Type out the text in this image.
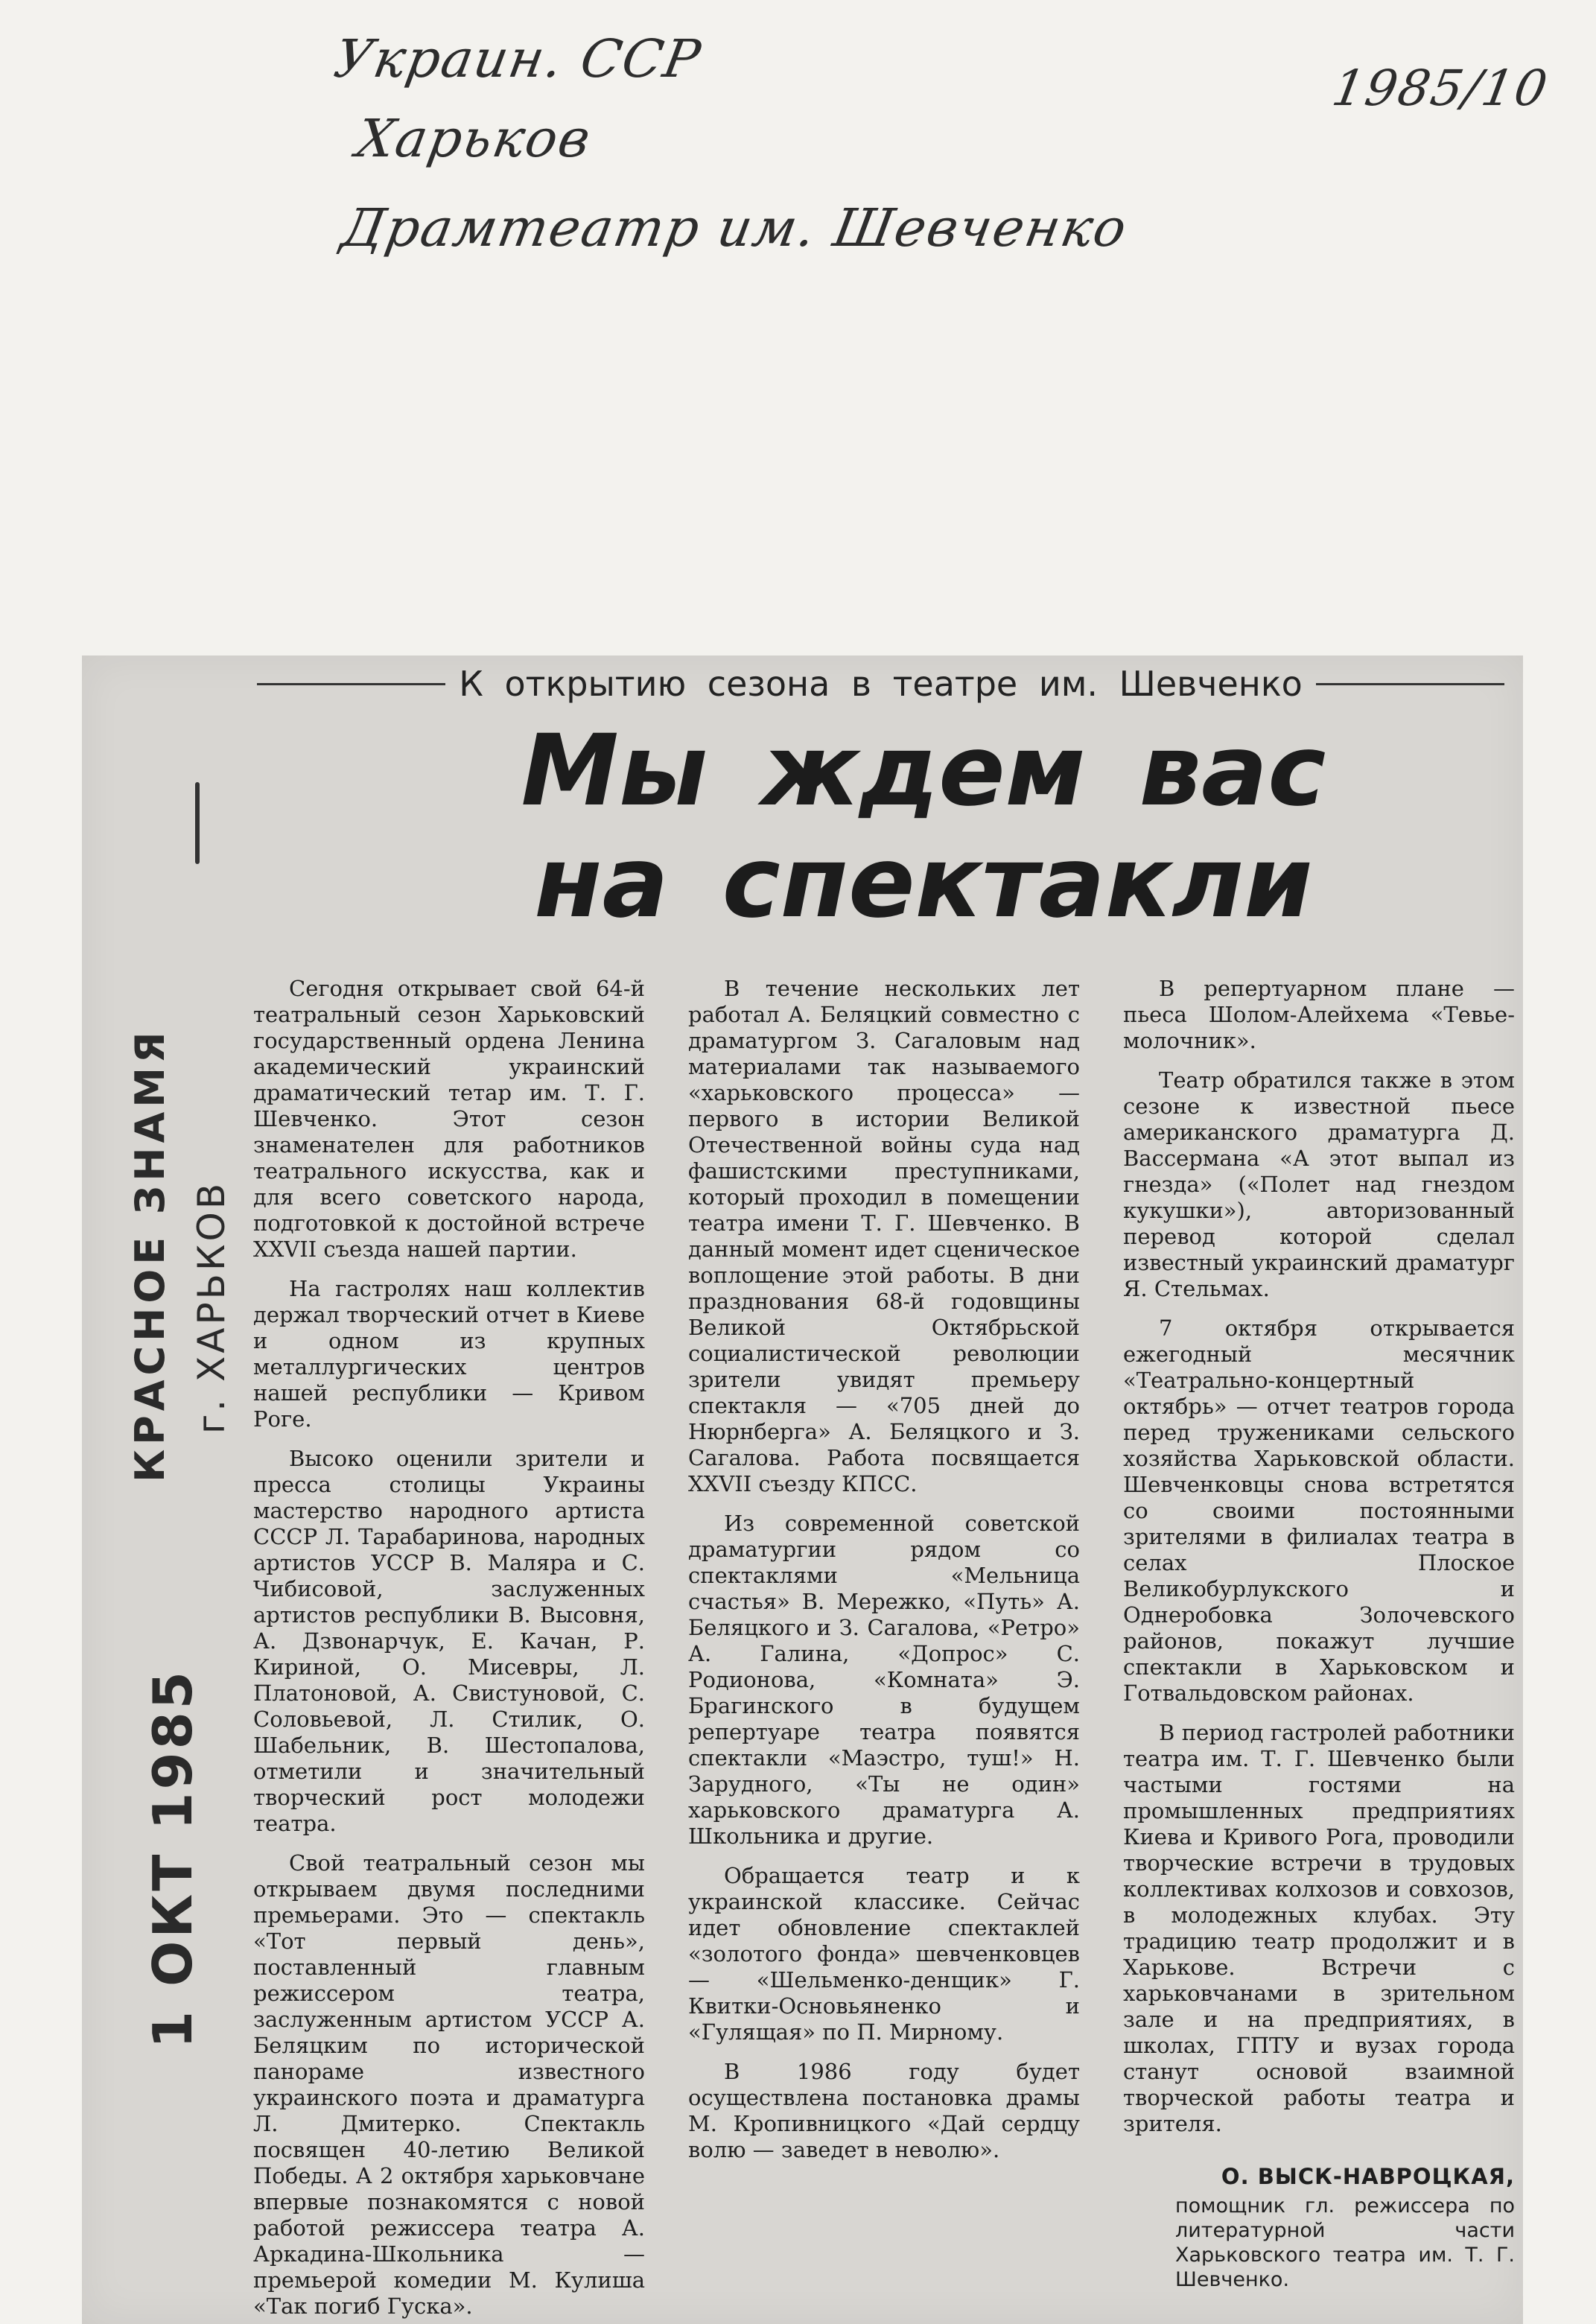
Украин. ССР
Харьков
Драмтеатр им. Шевченко
1985/10
КРАСНОЕ ЗНАМЯ г. ХАРЬКОВ
1 ОКТ 1985
К открытию сезона в театре им. Шевченко
Мы ждем вас
на спектакли

Сегодня открывает свой 64-й театральный сезон Харьковский государственный ордена Ленина академический украинский драматический тетар им. Т. Г. Шевченко. Этот сезон знаменателен для работников театрального искусства, как и для всего советского народа, подготовкой к достойной встрече XXVII съезда нашей партии.

На гастролях наш коллектив держал творческий отчет в Киеве и одном из крупных металлургических центров нашей республики — Кривом Роге.

Высоко оценили зрители и пресса столицы Украины мастерство народного артиста СССР Л. Тарабаринова, народных артистов УССР В. Маляра и С. Чибисовой, заслуженных артистов республики В. Высовня, А. Дзвонарчук, Е. Качан, Р. Кириной, О. Мисевры, Л. Платоновой, А. Свистуновой, С. Соловьевой, Л. Стилик, О. Шабельник, В. Шестопалова, отметили и значительный творческий рост молодежи театра.

Свой театральный сезон мы открываем двумя последними премьерами. Это — спектакль «Тот первый день», поставленный главным режиссером театра, заслуженным артистом УССР А. Беляцким по исторической панораме известного украинского поэта и драматурга Л. Дмитерко. Спектакль посвящен 40-летию Великой Победы. А 2 октября харьковчане впервые познакомятся с новой работой режиссера театра А. Аркадина-Школьника — премьерой комедии М. Кулиша «Так погиб Гуска».

В течение нескольких лет работал А. Беляцкий совместно с драматургом З. Сагаловым над материалами так называемого «харьковского процесса» — первого в истории Великой Отечественной войны суда над фашистскими преступниками, который проходил в помещении театра имени Т. Г. Шевченко. В данный момент идет сценическое воплощение этой работы. В дни празднования 68-й годовщины Великой Октябрьской социалистической революции зрители увидят премьеру спектакля — «705 дней до Нюрнберга» А. Беляцкого и З. Сагалова. Работа посвящается XXVII съезду КПСС.

Из современной советской драматургии рядом со спектаклями «Мельница счастья» В. Мережко, «Путь» А. Беляцкого и З. Сагалова, «Ретро» А. Галина, «Допрос» С. Родионова, «Комната» Э. Брагинского в будущем репертуаре театра появятся спектакли «Маэстро, туш!» Н. Зарудного, «Ты не один» харьковского драматурга А. Школьника и другие.

Обращается театр и к украинской классике. Сейчас идет обновление спектаклей «золотого фонда» шевченковцев — «Шельменко-денщик» Г. Квитки-Основьяненко и «Гулящая» по П. Мирному.

В 1986 году будет осуществлена постановка драмы М. Кропивницкого «Дай сердцу волю — заведет в неволю».

В репертуарном плане — пьеса Шолом-Алейхема «Тевье-молочник».

Театр обратился также в этом сезоне к известной пьесе американского драматурга Д. Вассермана «А этот выпал из гнезда» («Полет над гнездом кукушки»), авторизованный перевод которой сделал известный украинский драматург Я. Стельмах.

7 октября открывается ежегодный месячник «Театрально-концертный октябрь» — отчет театров города перед тружениками сельского хозяйства Харьковской области. Шевченковцы снова встретятся со своими постоянными зрителями в филиалах театра в селах Плоское Великобурлукского и Однеробовка Золочевского районов, покажут лучшие спектакли в Харьковском и Готвальдовском районах.

В период гастролей работники театра им. Т. Г. Шевченко были частыми гостями на промышленных предприятиях Киева и Кривого Рога, проводили творческие встречи в трудовых коллективах колхозов и совхозов, в молодежных клубах. Эту традицию театр продолжит и в Харькове. Встречи с харьковчанами в зрительном зале и на предприятиях, в школах, ГПТУ и вузах города станут основой взаимной творческой работы театра и зрителя.

О. ВЫСК-НАВРОЦКАЯ,
помощник гл. режиссера по литературной части Харьковского театра им. Т. Г. Шевченко.
